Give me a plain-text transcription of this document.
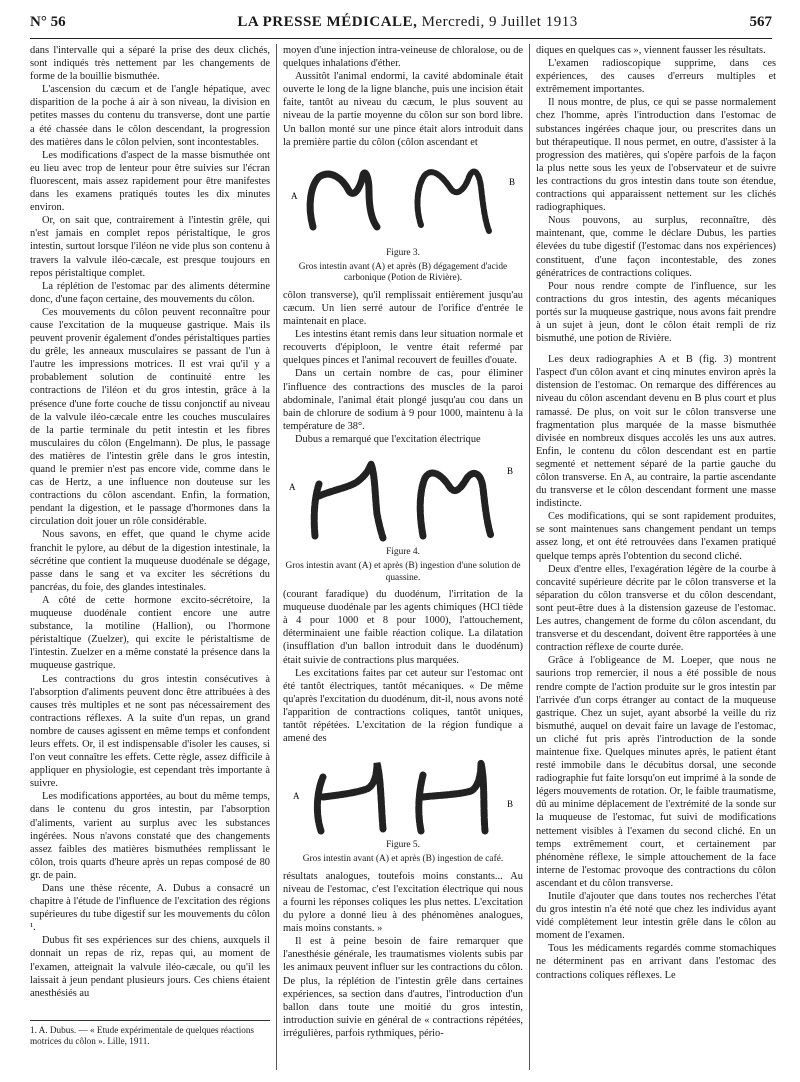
N° 56	LA PRESSE MÉDICALE, Mercredi, 9 Juillet 1913	567

dans l'intervalle qui a séparé la prise des deux clichés, sont indiqués très nettement par les changements de forme de la bouillie bismuthée.

L'ascension du cæcum et de l'angle hépatique, avec disparition de la poche à air à son niveau, la division en petites masses du contenu du transverse, dont une partie a été chassée dans le côlon descendant, la progression des matières dans le côlon pelvien, sont incontestables.

Les modifications d'aspect de la masse bismuthée ont eu lieu avec trop de lenteur pour être suivies sur l'écran fluorescent, mais assez rapidement pour être manifestes dans les examens pratiqués toutes les dix minutes environ.

Or, on sait que, contrairement à l'intestin grêle, qui n'est jamais en complet repos péristaltique, le gros intestin, surtout lorsque l'iléon ne vide plus son contenu à travers la valvule iléo-cæcale, est presque toujours en repos péristaltique complet.

La réplétion de l'estomac par des aliments détermine donc, d'une façon certaine, des mouvements du côlon.

Ces mouvements du côlon peuvent reconnaître pour cause l'excitation de la muqueuse gastrique. Mais ils peuvent provenir également d'ondes péristaltiques parties du grêle, les anneaux musculaires se passant de l'un à l'autre les impressions motrices. Il est vrai qu'il y a probablement solution de continuité entre les contractions de l'iléon et du gros intestin, grâce à la présence d'une forte couche de tissu conjonctif au niveau de la valvule iléo-cæcale entre les couches musculaires de la partie terminale du petit intestin et les fibres musculaires du côlon (Engelmann). De plus, le passage des matières de l'intestin grêle dans le gros intestin, quand le premier n'est pas encore vide, comme dans le cas de Hertz, a une influence non douteuse sur les contractions du côlon ascendant. Enfin, la formation, pendant la digestion, et le passage d'hormones dans la circulation doit jouer un rôle considérable.

Nous savons, en effet, que quand le chyme acide franchit le pylore, au début de la digestion intestinale, la sécrétine que contient la muqueuse duodénale se dégage, passe dans le sang et va exciter les sécrétions du pancréas, du foie, des glandes intestinales.

A côté de cette hormone excito-sécrétoire, la muqueuse duodénale contient encore une autre substance, la motiline (Hallion), ou l'hormone péristaltique (Zuelzer), qui excite le péristaltisme de l'intestin. Zuelzer en a même constaté la présence dans la muqueuse gastrique.

Les contractions du gros intestin consécutives à l'absorption d'aliments peuvent donc être attribuées à des causes très multiples et ne sont pas nécessairement des contractions réflexes. A la suite d'un repas, un grand nombre de causes agissent en même temps et confondent leurs effets. Or, il est indispensable d'isoler les causes, si l'on veut connaître les effets. Cette règle, assez difficile à appliquer en physiologie, est cependant très importante à suivre.

Les modifications apportées, au bout du même temps, dans le contenu du gros intestin, par l'absorption d'aliments, varient au surplus avec les substances ingérées. Nous n'avons constaté que des changements assez faibles des matières bismuthées remplissant le côlon, trois quarts d'heure après un repas composé de 80 gr. de pain.

Dans une thèse récente, A. Dubus a consacré un chapitre à l'étude de l'influence de l'excitation des régions supérieures du tube digestif sur les mouvements du côlon ¹.

Dubus fit ses expériences sur des chiens, auxquels il donnait un repas de riz, repas qui, au moment de l'examen, atteignait la valvule iléo-cæcale, ou qu'il les laissait à jeun pendant plusieurs jours. Ces chiens étaient anesthésiés au

1. A. Dubus. — « Etude expérimentale de quelques réactions motrices du côlon ». Lille, 1911.

moyen d'une injection intra-veineuse de chloralose, ou de quelques inhalations d'éther.

Aussitôt l'animal endormi, la cavité abdominale était ouverte le long de la ligne blanche, puis une incision était faite, tantôt au niveau du cæcum, le plus souvent au niveau de la partie moyenne du côlon sur son bord libre. Un ballon monté sur une pince était alors introduit dans la première partie du côlon (côlon ascendant et

A
B
Figure 3.
Gros intestin avant (A) et après (B) dégagement d'acide carbonique (Potion de Rivière).

côlon transverse), qu'il remplissait entièrement jusqu'au cæcum. Un lien serré autour de l'orifice d'entrée le maintenait en place.

Les intestins étant remis dans leur situation normale et recouverts d'épiploon, le ventre était refermé par quelques pinces et l'animal recouvert de feuilles d'ouate.

Dans un certain nombre de cas, pour éliminer l'influence des contractions des muscles de la paroi abdominale, l'animal était plongé jusqu'au cou dans un bain de chlorure de sodium à 9 pour 1000, maintenu à la température de 38°.

Dubus a remarqué que l'excitation électrique

A
B
Figure 4.
Gros intestin avant (A) et après (B) ingestion d'une solution de quassine.

(courant faradique) du duodénum, l'irritation de la muqueuse duodénale par les agents chimiques (HCl tiède à 4 pour 1000 et 8 pour 1000), l'attouchement, déterminaient une faible réaction colique. La dilatation (insufflation d'un ballon introduit dans le duodénum) était suivie de contractions plus marquées.

Les excitations faites par cet auteur sur l'estomac ont été tantôt électriques, tantôt mécaniques. « De même qu'après l'excitation du duodénum, dit-il, nous avons noté l'apparition de contractions coliques, tantôt uniques, tantôt répétées. L'excitation de la région fundique a amené des

A
B
Figure 5.
Gros intestin avant (A) et après (B) ingestion de café.

résultats analogues, toutefois moins constants... Au niveau de l'estomac, c'est l'excitation électrique qui nous a fourni les réponses coliques les plus nettes. L'excitation du pylore a donné lieu à des phénomènes analogues, mais moins constants. »

Il est à peine besoin de faire remarquer que l'anesthésie générale, les traumatismes violents subis par les animaux peuvent influer sur les contractions du côlon. De plus, la réplétion de l'intestin grêle dans certaines expériences, sa section dans d'autres, l'introduction d'un ballon dans toute une moitié du gros intestin, introduction suivie en général de « contractions répétées, irrégulières, parfois rythmiques, pério-

diques en quelques cas », viennent fausser les résultats.

L'examen radioscopique supprime, dans ces expériences, des causes d'erreurs multiples et extrêmement importantes.

Il nous montre, de plus, ce qui se passe normalement chez l'homme, après l'introduction dans l'estomac de substances ingérées chaque jour, ou prescrites dans un but thérapeutique. Il nous permet, en outre, d'assister à la progression des matières, qui s'opère parfois de la façon la plus nette sous les yeux de l'observateur et de suivre les contractions du gros intestin dans toute son étendue, contractions qui apparaissent nettement sur les clichés radiographiques.

Nous pouvons, au surplus, reconnaître, dès maintenant, que, comme le déclare Dubus, les parties élevées du tube digestif (l'estomac dans nos expériences) constituent, d'une façon incontestable, des zones génératrices de contractions coliques.

Pour nous rendre compte de l'influence, sur les contractions du gros intestin, des agents mécaniques portés sur la muqueuse gastrique, nous avons fait prendre à un sujet à jeun, dont le côlon était rempli de riz bismuthé, une potion de Rivière.

Les deux radiographies A et B (fig. 3) montrent l'aspect d'un côlon avant et cinq minutes environ après la distension de l'estomac. On remarque des différences au niveau du côlon ascendant devenu en B plus court et plus ramassé. De plus, on voit sur le côlon transverse une fragmentation plus marquée de la masse bismuthée divisée en nombreux disques accolés les uns aux autres. Enfin, le contenu du côlon descendant est en partie segmenté et nettement séparé de la partie gauche du côlon transverse. En A, au contraire, la partie ascendante du transverse et le côlon descendant forment une masse indistincte.

Ces modifications, qui se sont rapidement produites, se sont maintenues sans changement pendant un temps assez long, et ont été retrouvées dans l'examen pratiqué quelque temps après l'obtention du second cliché.

Deux d'entre elles, l'exagération légère de la courbe à concavité supérieure décrite par le côlon transverse et la séparation du côlon transverse et du côlon descendant, sont peut-être dues à la distension gazeuse de l'estomac. Les autres, changement de forme du côlon ascendant, du transverse et du descendant, doivent être rapportées à une contraction réflexe de courte durée.

Grâce à l'obligeance de M. Loeper, que nous ne saurions trop remercier, il nous a été possible de nous rendre compte de l'action produite sur le gros intestin par l'arrivée d'un corps étranger au contact de la muqueuse gastrique. Chez un sujet, ayant absorbé la veille du riz bismuthé, auquel on devait faire un lavage de l'estomac, un cliché fut pris après l'introduction de la sonde maintenue fixe. Quelques minutes après, le patient étant resté immobile dans le décubitus dorsal, une seconde radiographie fut faite lorsqu'on eut imprimé à la sonde de légers mouvements de rotation. Or, le faible traumatisme, dû au minime déplacement de l'extrémité de la sonde sur la muqueuse de l'estomac, fut suivi de modifications nettement visibles à l'examen du second cliché. En un temps extrêmement court, et certainement par phénomène réflexe, le simple attouchement de la face interne de l'estomac provoque des contractions du côlon ascendant et du côlon transverse.

Inutile d'ajouter que dans toutes nos recherches l'état du gros intestin n'a été noté que chez les individus ayant vidé complètement leur intestin grêle dans le côlon au moment de l'examen.

Tous les médicaments regardés comme stomachiques ne déterminent pas en arrivant dans l'estomac des contractions coliques réflexes. Le
